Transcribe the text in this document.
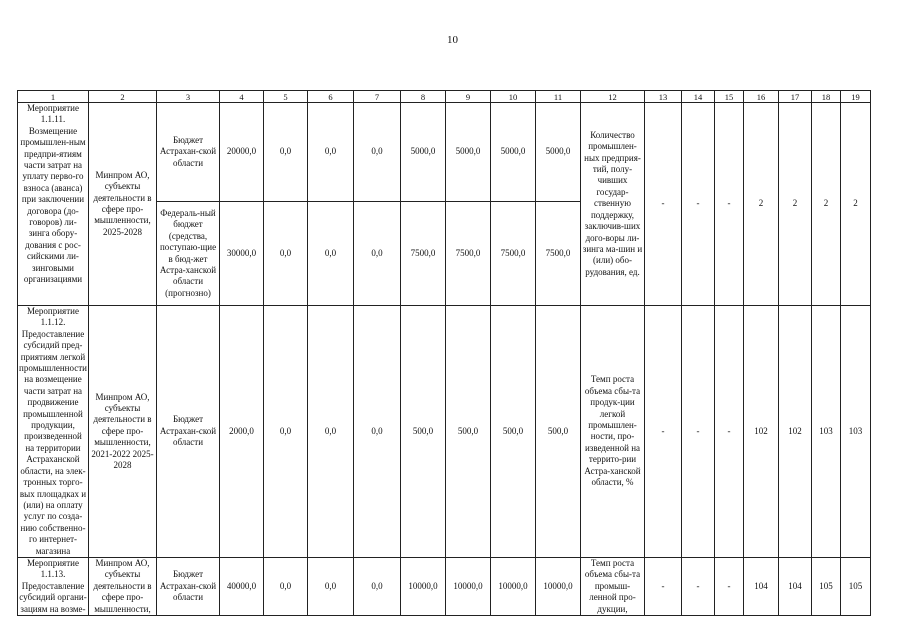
10
1	2	3	4	5	6	7	8	9	10	11	12	13	14	15	16	17	18	19
Мероприятие 1.1.11. Возмещение промышлен-ным предпри-ятиям части затрат на уплату перво-го взноса (аванса) при заключении договора (до-говоров) ли-зинга обору-дования с рос-сийскими ли-зинговыми организациями	Минпром АО, субъекты деятельности в сфере про-мышленности, 2025-2028	Бюджет Астрахан-ской области	20000,0	0,0	0,0	0,0	5000,0	5000,0	5000,0	5000,0	Количество промышлен-ных предприя-тий, полу-чивших государ-ственную поддержку, заключив-ших дого-воры ли-зинга ма-шин и (или) обо-рудования, ед.	-	-	-	2	2	2	2
		Федераль-ный бюджет (средства, поступаю-щие в бюд-жет Астра-ханской области (прогнозно)	30000,0	0,0	0,0	0,0	7500,0	7500,0	7500,0	7500,0								
Мероприятие 1.1.12. Предоставление субсидий пред-приятиям легкой промышленности на возмещение части затрат на продвижение промышленной продукции, произведенной на территории Астраханской области, на элек-тронных торго-вых площадках и (или) на оплату услуг по созда-нию собственно-го интернет-магазина	Минпром АО, субъекты деятельности в сфере про-мышленности, 2021-2022 2025-2028	Бюджет Астрахан-ской области	2000,0	0,0	0,0	0,0	500,0	500,0	500,0	500,0	Темп роста объема сбы-та продук-ции легкой промышлен-ности, про-изведенной на террито-рии Астра-ханской области, %	-	-	-	102	102	103	103
Мероприятие 1.1.13. Предоставление субсидий органи-зациям на возме-	Минпром АО, субъекты деятельности в сфере про-мышленности,	Бюджет Астрахан-ской области	40000,0	0,0	0,0	0,0	10000,0	10000,0	10000,0	10000,0	Темп роста объема сбы-та промыш-ленной про-дукции,	-	-	-	104	104	105	105
